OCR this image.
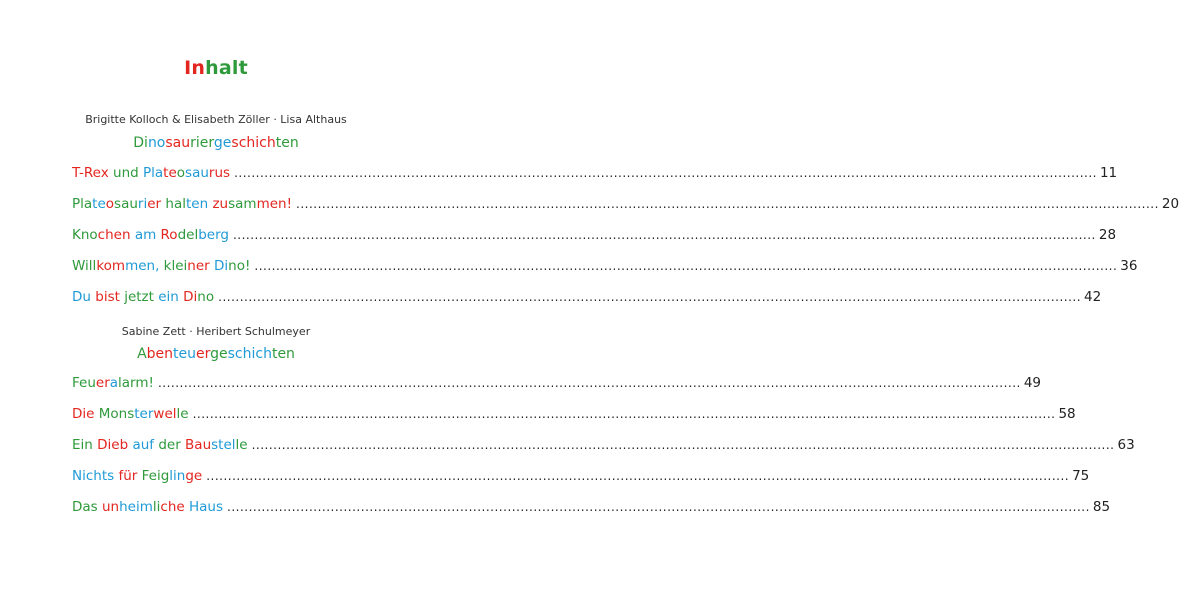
Inhalt
Brigitte Kolloch & Elisabeth Zöller · Lisa Althaus
Dinosauriergeschichten
T-Rex und Plateosaurus ........................................................................................................................................................................................................ 11
Plateosaurier halten zusammen! ........................................................................................................................................................................................................ 20
Knochen am Rodelberg ........................................................................................................................................................................................................ 28
Willkommen, kleiner Dino! ........................................................................................................................................................................................................ 36
Du bist jetzt ein Dino ........................................................................................................................................................................................................ 42
Sabine Zett · Heribert Schulmeyer
Abenteuergeschichten
Feueralarm! ........................................................................................................................................................................................................ 49
Die Monsterwelle ........................................................................................................................................................................................................ 58
Ein Dieb auf der Baustelle ........................................................................................................................................................................................................ 63
Nichts für Feiglinge ........................................................................................................................................................................................................ 75
Das unheimliche Haus ........................................................................................................................................................................................................ 85
